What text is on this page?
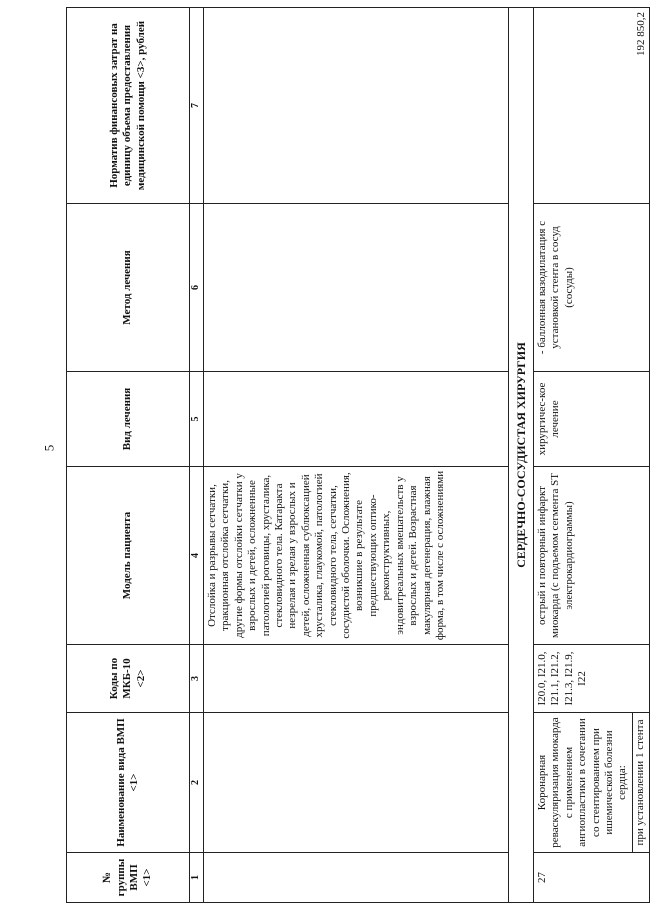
5
№ группы ВМП <1>	Наименование вида ВМП <1>	Коды по МКБ-10 <2>	Модель пациента	Вид лечения	Метод лечения	Норматив финансовых затрат на единицу объема предоставления медицинской помощи <3>, рублей
1	2	3	4	5	6	7
			Отслойка и разрывы сетчатки, тракционная отслойка сетчатки, другие формы отслойки сетчатки у взрослых и детей, осложненные патологией роговицы, хрусталика, стекловидного тела. Катаракта незрелая и зрелая у взрослых и детей, осложненная сублюксацией хрусталика, глаукомой, патологией стекловидного тела, сетчатки, сосудистой оболочки. Осложнения, возникшие в результате предшествующих оптико-реконструктивных, эндовитреальных вмешательств у взрослых и детей. Возрастная макулярная дегенерация, влажная форма, в том числе с осложнениями			
СЕРДЕЧНО-СОСУДИСТАЯ ХИРУРГИЯ						
27	Коронарная реваскуляризация миокарда с применением ангиопластики в сочетании со стентированием при ишемической болезни сердца: при установлении 1 стента	I20.0, I21.0, I21.1, I21.2, I21.3, I21.9, I22	острый и повторный инфаркт миокарда (с подъемом сегмента ST электрокардиограммы)	хирургичес-кое лечение	- баллонная вазодилатация с установкой стента в сосуд (сосуды)	192 850,2
